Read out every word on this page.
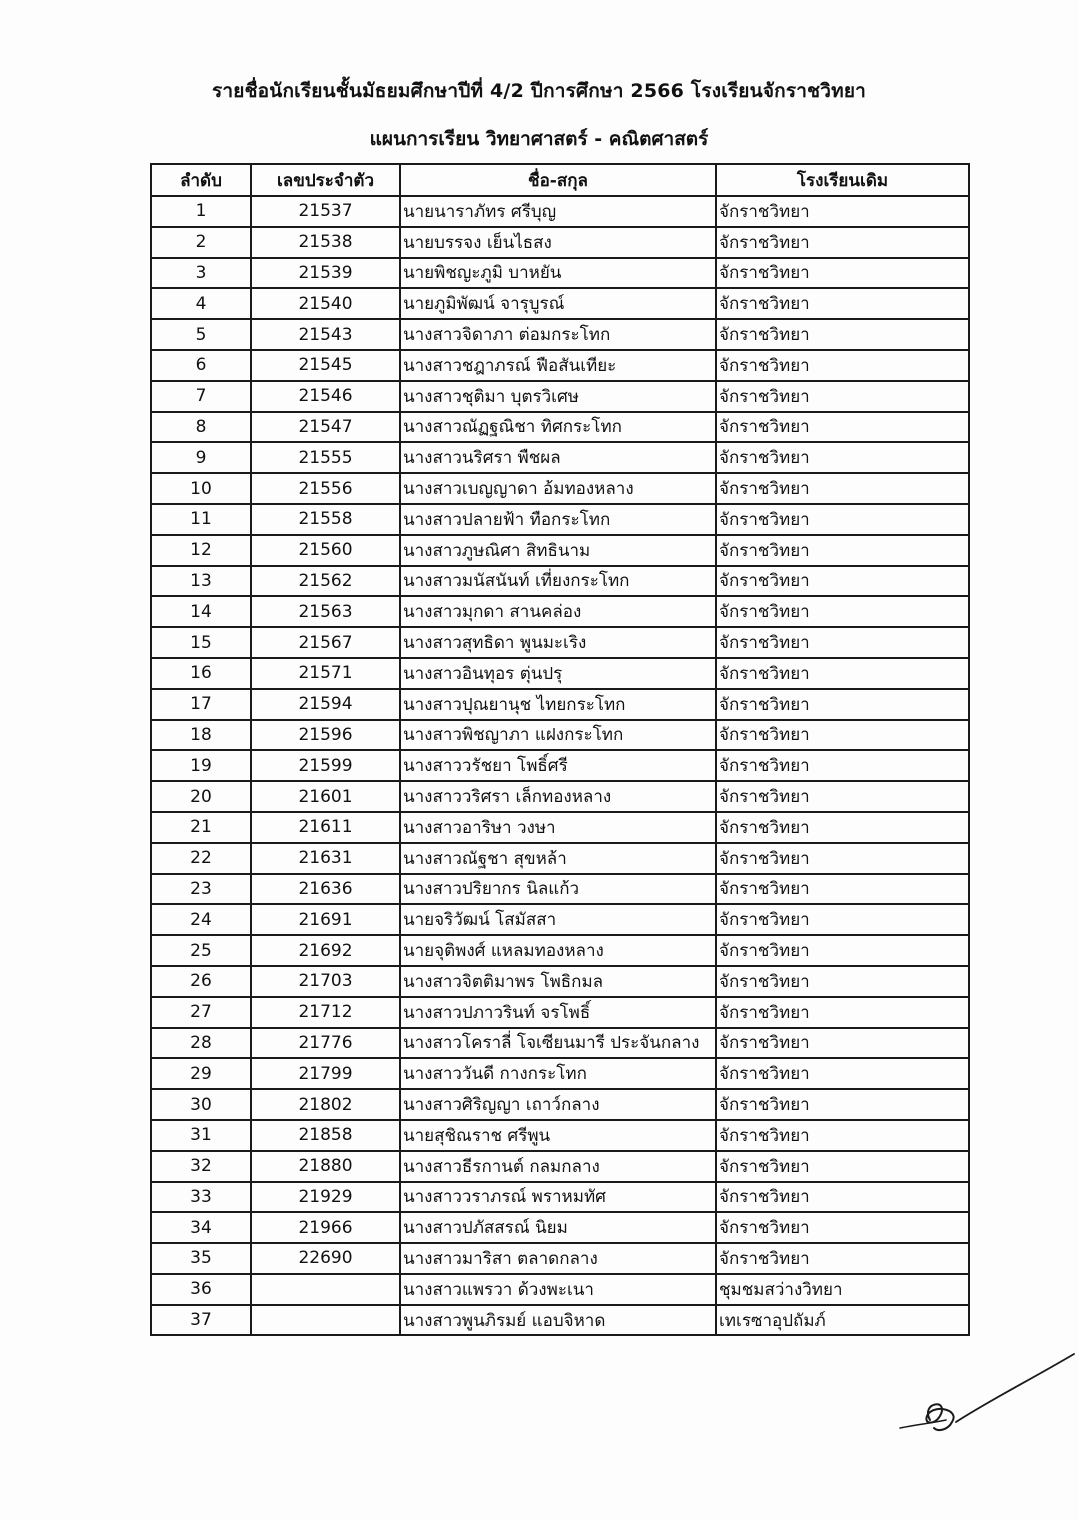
รายชื่อนักเรียนชั้นมัธยมศึกษาปีที่ 4/2 ปีการศึกษา 2566 โรงเรียนจักราชวิทยา
แผนการเรียน วิทยาศาสตร์ - คณิตศาสตร์
ลำดับ	เลขประจำตัว	ชื่อ-สกุล	โรงเรียนเดิม
1	21537	นายนาราภัทร ศรีบุญ	จักราชวิทยา
2	21538	นายบรรจง เย็นไธสง	จักราชวิทยา
3	21539	นายพิชญะภูมิ บาหยัน	จักราชวิทยา
4	21540	นายภูมิพัฒน์ จารุบูรณ์	จักราชวิทยา
5	21543	นางสาวจิดาภา ต่อมกระโทก	จักราชวิทยา
6	21545	นางสาวชฎาภรณ์ ฟือสันเทียะ	จักราชวิทยา
7	21546	นางสาวชุติมา บุตรวิเศษ	จักราชวิทยา
8	21547	นางสาวณัฏฐณิชา ทิศกระโทก	จักราชวิทยา
9	21555	นางสาวนริศรา พืชผล	จักราชวิทยา
10	21556	นางสาวเบญญาดา อ้มทองหลาง	จักราชวิทยา
11	21558	นางสาวปลายฟ้า ทือกระโทก	จักราชวิทยา
12	21560	นางสาวภูษณิศา สิทธินาม	จักราชวิทยา
13	21562	นางสาวมนัสนันท์ เที่ยงกระโทก	จักราชวิทยา
14	21563	นางสาวมุกดา สานคล่อง	จักราชวิทยา
15	21567	นางสาวสุทธิดา พูนมะเริง	จักราชวิทยา
16	21571	นางสาวอินทุอร ตุ่นปรุ	จักราชวิทยา
17	21594	นางสาวปุณยานุช ไทยกระโทก	จักราชวิทยา
18	21596	นางสาวพิชญาภา แฝงกระโทก	จักราชวิทยา
19	21599	นางสาววรัชยา โพธิ์ศรี	จักราชวิทยา
20	21601	นางสาววริศรา เล็กทองหลาง	จักราชวิทยา
21	21611	นางสาวอาริษา วงษา	จักราชวิทยา
22	21631	นางสาวณัฐชา สุขหล้า	จักราชวิทยา
23	21636	นางสาวปริยากร นิลแก้ว	จักราชวิทยา
24	21691	นายจริวัฒน์ โสมัสสา	จักราชวิทยา
25	21692	นายจุติพงศ์ แหลมทองหลาง	จักราชวิทยา
26	21703	นางสาวจิตติมาพร โพธิกมล	จักราชวิทยา
27	21712	นางสาวปภาวรินท์ จรโพธิ์	จักราชวิทยา
28	21776	นางสาวโคราลี่ โจเซียนมารี ประจันกลาง	จักราชวิทยา
29	21799	นางสาววันดี กางกระโทก	จักราชวิทยา
30	21802	นางสาวศิริญญา เถาว์กลาง	จักราชวิทยา
31	21858	นายสุชิณราช ศรีพูน	จักราชวิทยา
32	21880	นางสาวธีรกานต์ กลมกลาง	จักราชวิทยา
33	21929	นางสาววราภรณ์ พราหมทัศ	จักราชวิทยา
34	21966	นางสาวปภัสสรณ์ นิยม	จักราชวิทยา
35	22690	นางสาวมาริสา ตลาดกลาง	จักราชวิทยา
36		นางสาวแพรวา ด้วงพะเนา	ชุมชมสว่างวิทยา
37		นางสาวพูนภิรมย์ แอบจิหาด	เทเรซาอุปถัมภ์
